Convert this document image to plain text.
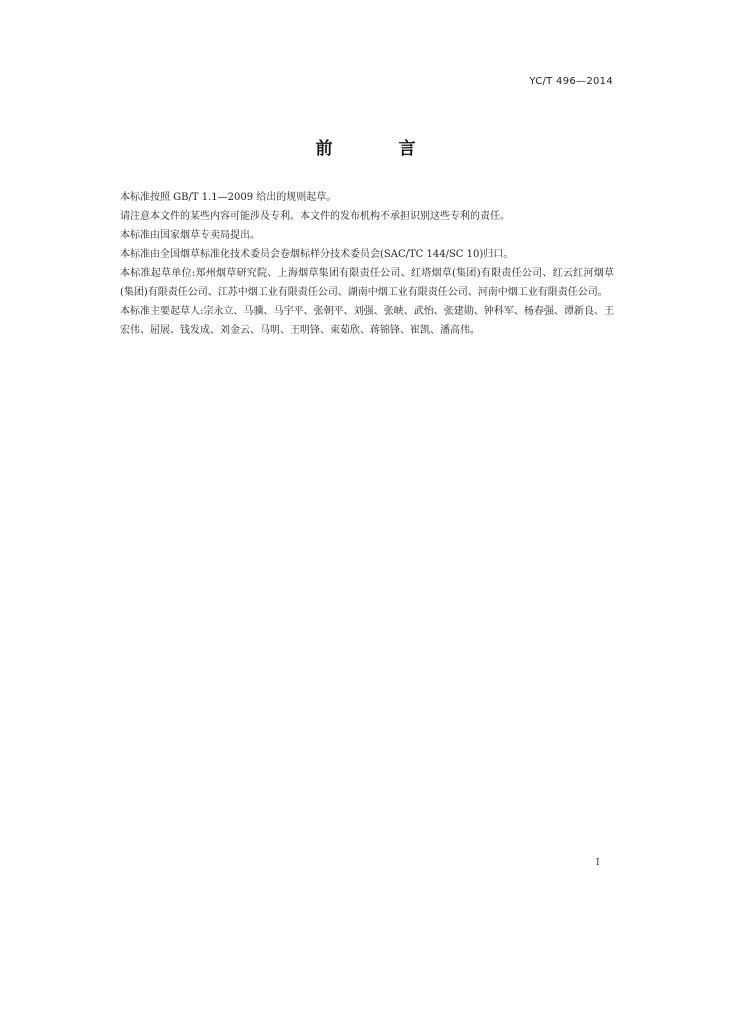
YC/T 496—2014
前 言

本标准按照 GB/T 1.1—2009 给出的规则起草。

请注意本文件的某些内容可能涉及专利。本文件的发布机构不承担识别这些专利的责任。

本标准由国家烟草专卖局提出。

本标准由全国烟草标准化技术委员会卷烟标样分技术委员会(SAC/TC 144/SC 10)归口。

本标准起草单位:郑州烟草研究院、上海烟草集团有限责任公司、红塔烟草(集团)有限责任公司、红云红河烟草(集团)有限责任公司、江苏中烟工业有限责任公司、湖南中烟工业有限责任公司、河南中烟工业有限责任公司。

本标准主要起草人:宗永立、马骥、马宇平、张朝平、刘强、张峡、武怡、张建勋、钟科军、杨春强、谭新良、王宏伟、屈展、钱发成、刘金云、马明、王明锋、束茹欣、蒋锦锋、崔凯、潘高伟。

I
